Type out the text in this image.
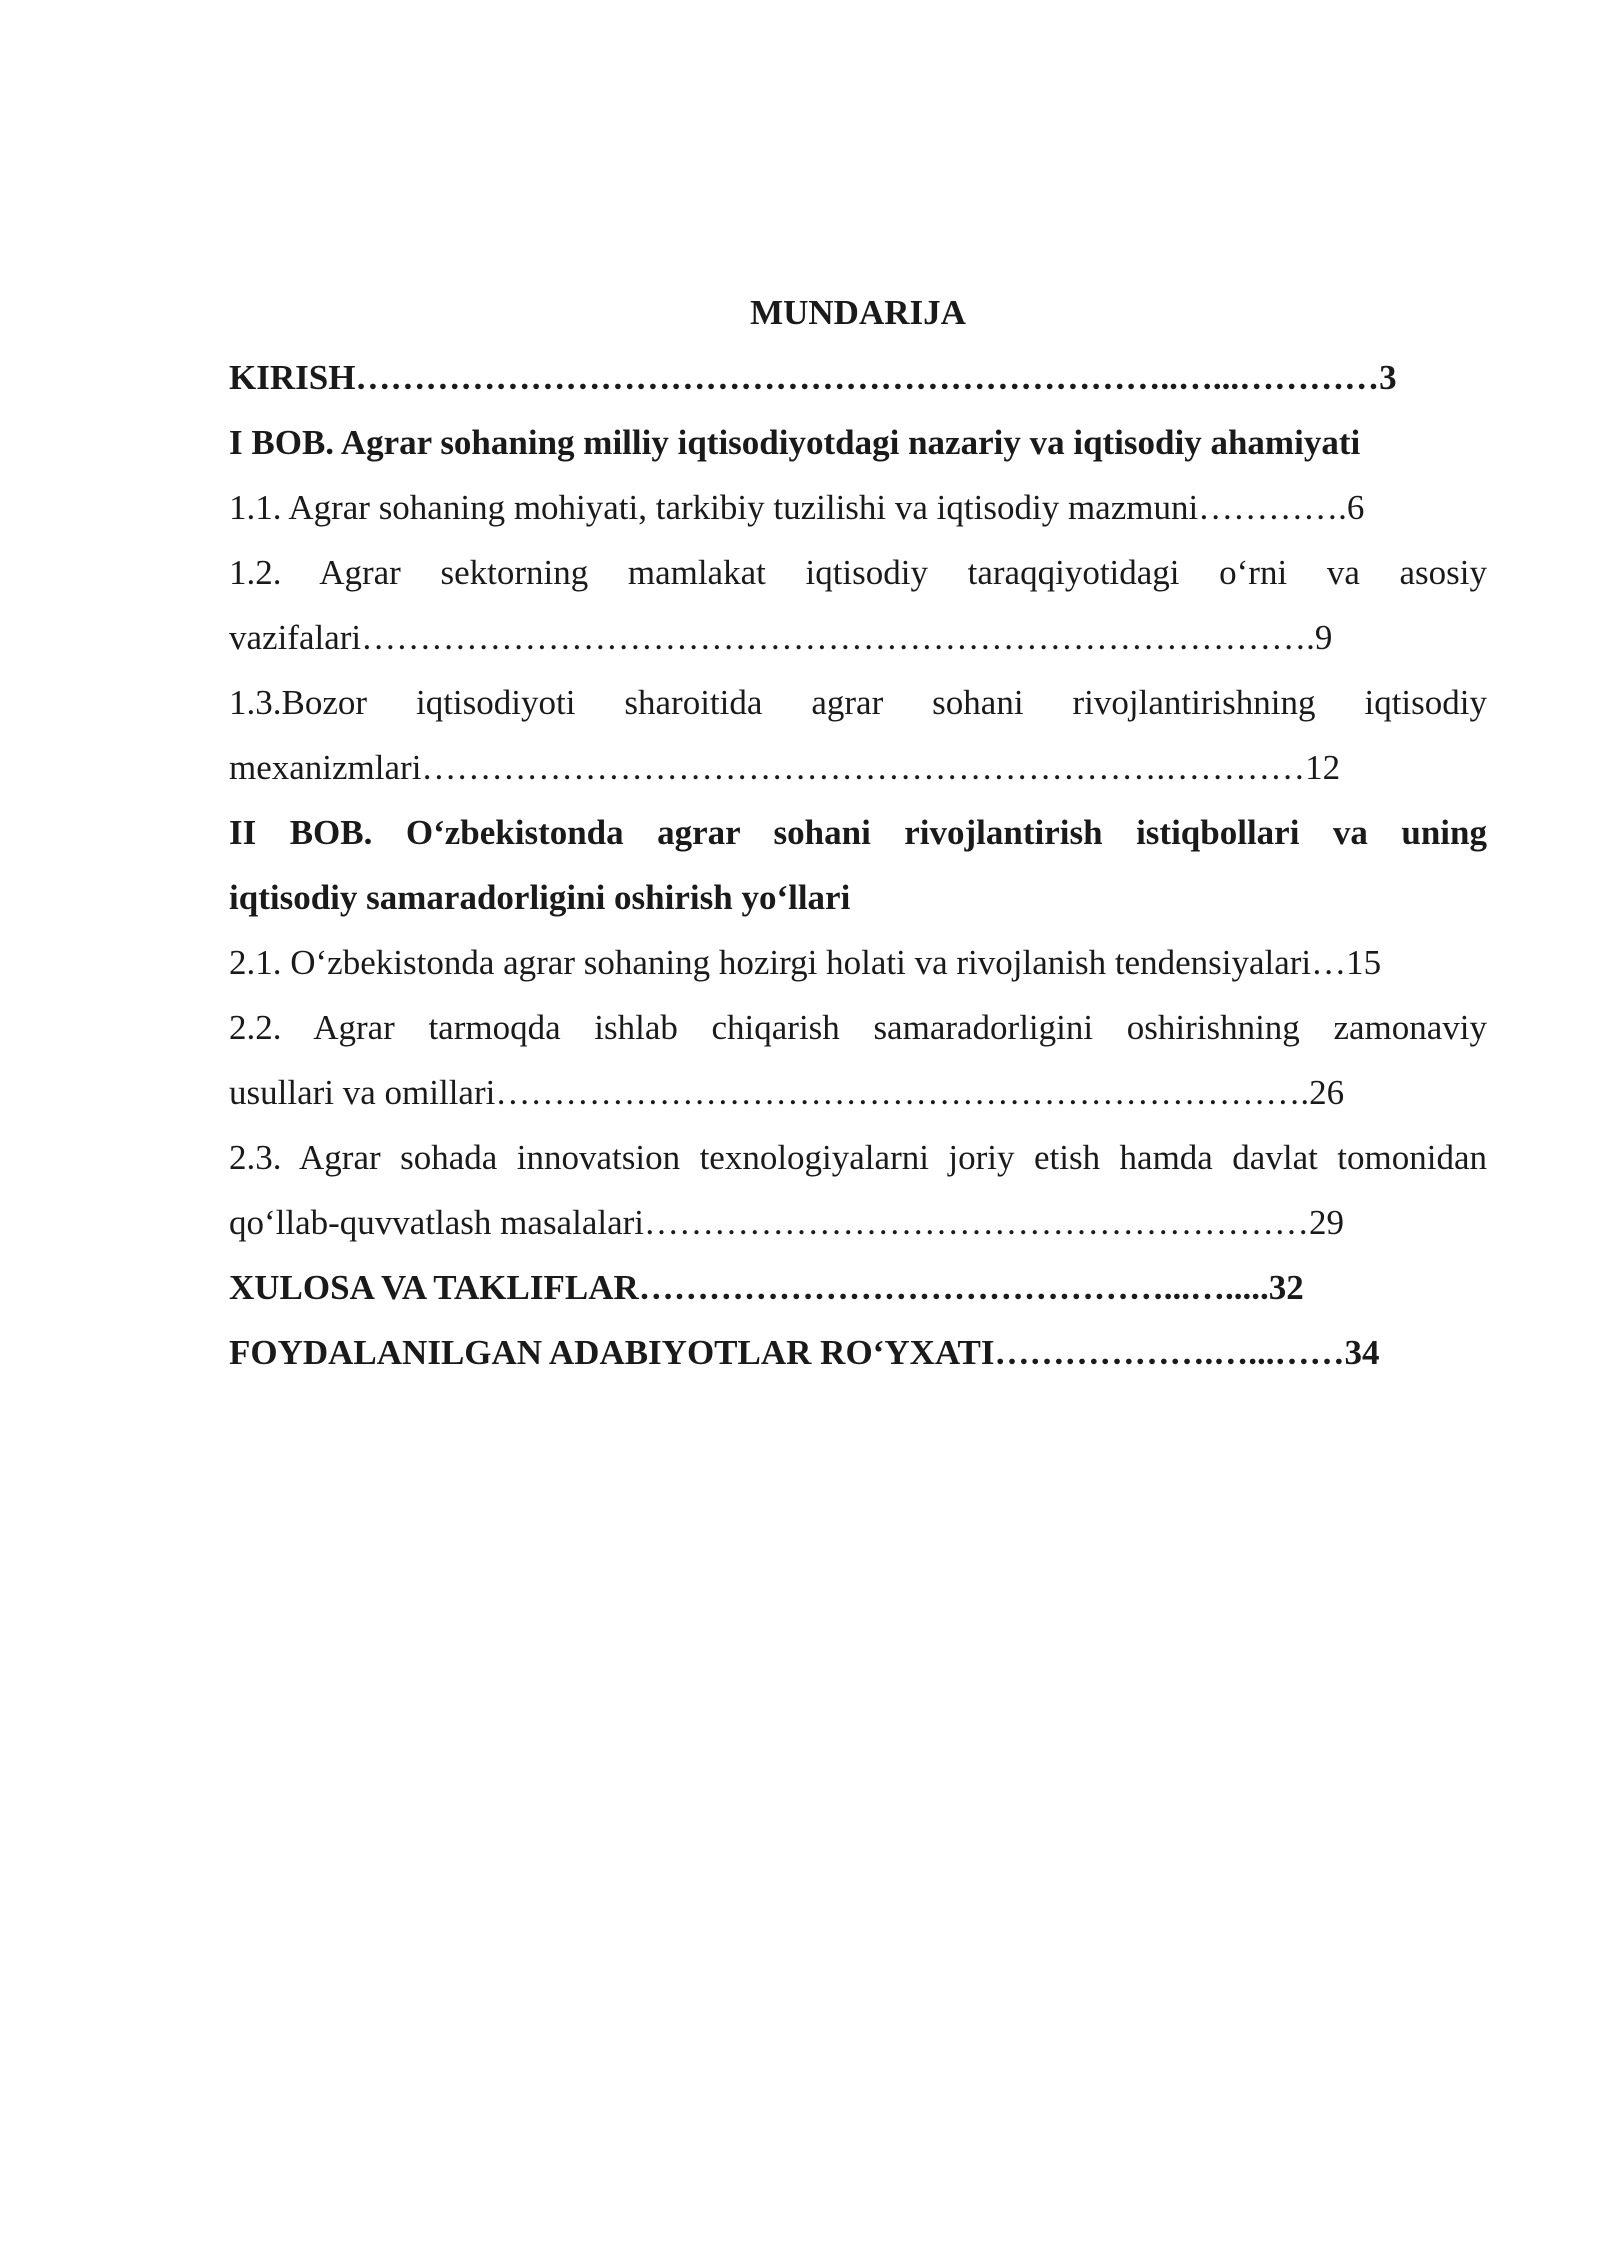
MUNDARIJA
KIRISH……………………………………………………………..…...…………3
I BOB. Agrar sohaning milliy iqtisodiyotdagi nazariy va iqtisodiy ahamiyati
1.1. Agrar sohaning mohiyati, tarkibiy tuzilishi va iqtisodiy mazmuni………….6
1.2. Agrar sektorning mamlakat iqtisodiy taraqqiyotidagi o‘rni va asosiy
vazifalari……………………………………………………………………….9
1.3.Bozor iqtisodiyoti sharoitida agrar sohani rivojlantirishning iqtisodiy
mexanizmlari……………………………………………………….…………12
II BOB. O‘zbekistonda agrar sohani rivojlantirish istiqbollari va uning
iqtisodiy samaradorligini oshirish yo‘llari
2.1. O‘zbekistonda agrar sohaning hozirgi holati va rivojlanish tendensiyalari…15
2.2. Agrar tarmoqda ishlab chiqarish samaradorligini oshirishning zamonaviy
usullari va omillari…………………………………………………………….26
2.3. Agrar sohada innovatsion texnologiyalarni joriy etish hamda davlat tomonidan
qo‘llab-quvvatlash masalalari…………………………………………………29
XULOSA VA TAKLIFLAR………………………………………...….....32
FOYDALANILGAN ADABIYOTLAR RO‘YXATI……………….…...……34
